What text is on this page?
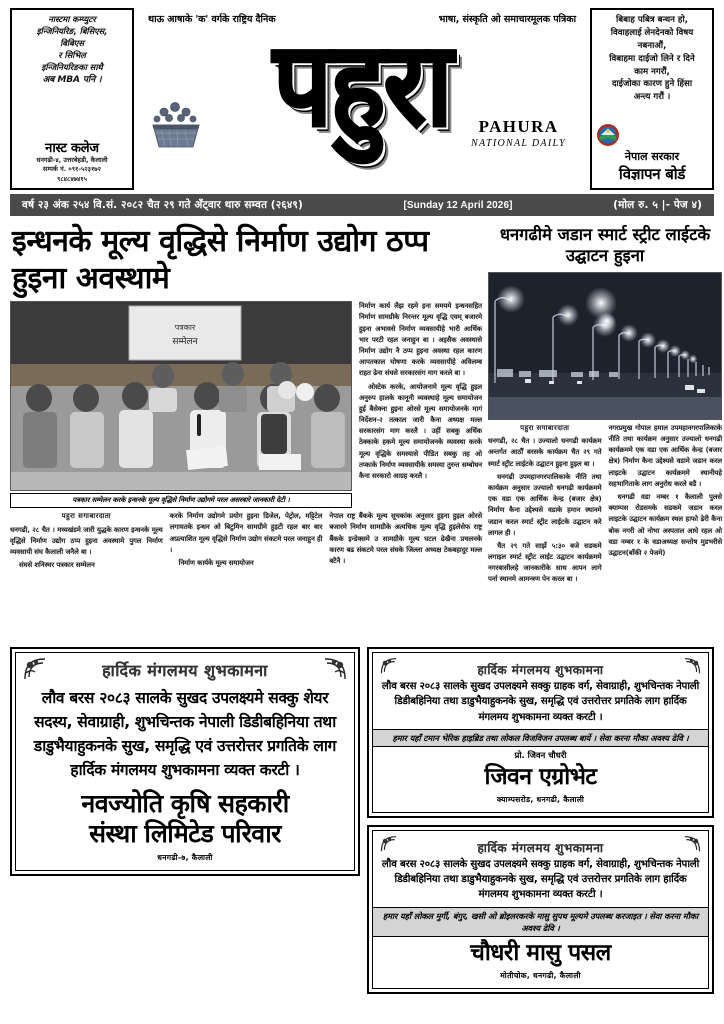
नास्टमा कम्प्युटर
इन्जिनियरिङ, बिसिएस,
बिबिएस
र सिभिल
इन्जिनियरिङका साथै
अब MBA पनि ।
नास्ट कलेज
धनगढी-४, उत्तरबेहडी, कैलाली
सम्पर्क नं. ०९१-५२३१७२
९८४८४७४१५
थाऊ आषाके 'क' वर्गके राष्ट्रिय दैनिक	भाषा, संस्कृति ओ समाचारमूलक पत्रिका
पहुरा	PAHURA
NATIONAL DAILY
बिबाह पबित्र बन्धन हो,
विवाहलाई लेनदेनको विषय
नबनाऔं,
विबाहमा दाईजो लिने र दिने
काम नगरौं,
दाईजोका कारण हुने हिंसा
अन्त्य गरौं ।
नेपाल सरकार
विज्ञापन बोर्ड
वर्ष २३ अंक २५४ वि.सं. २०८२ चैत २९ गते अँट्वार थारु सम्वत (२६४९)	[Sunday 12 April 2026]	(मोल रु. ५ |- पेज ४)
इन्धनके मूल्य वृद्धिसे निर्माण उद्योग ठप्प हुइना अवस्थामे
पत्रकार
सम्मेलन
पत्रकार सम्मेलन करके इन्धनके मूल्य वृद्धिसे निर्माण उद्योगमे परल असरबारे जानकारी देटी ।

निर्माण कार्य लैझ रहमे इना समयमे इन्धनसहित निर्माण सामग्रीके निरन्तर मूल्य वृद्धि एवम् बजारमे हुइना अभावसे निर्माण व्यवसायीहे भारी आर्थिक भार परटी रहल जनाहुन बा । अइसैक अवस्थासे निर्माण उद्योग नै ठप्प हुइना अवस्था रहल कारण आपतकाल घोषणा करके व्यवसायीहे अविलम्ब राहत ढेना संघसे सरकारसंग माग करले बा ।

ओस्टेक करके, आयोजनामे मूल्य वृद्धि हुइल अनुरुप हालके कानूनी व्यवस्थाहे मूल्य समायोजन हुई बैसेक्ना हुइना ओरसे मूल्य समायोजनके मागं निर्देशन-२ तत्काल जारी कैना अध्यक्ष मल्ल सरकारसंग माग करलै । उहीं सबकु अर्थिक ठेक्काके हकमे मूल्य समायोजनके व्यवस्था करके मूल्य वृद्धिके समस्यासे पीडित सबकु तह ओ तप्काके निर्माण व्यवसायीके समस्या तुरन्त सम्बोधन कैना सरकारो आग्रह करलै ।

पहुरा सगाबारदाता

धनगढी, २८ चैत । मध्यखंडमे जारी युद्धके कारण इन्धनके मूल्य वृद्धिसे निर्माण उद्योग ठप्प हुइना अवस्थामे पुगल निर्माण व्यवसायी संघ कैलाली जनैले बा ।

संघसे शनिस्चर पत्रकार सम्मेलन

करके निर्माण उद्योगमे प्रयोग हुइना डिजेल, पेट्रोल, मट्टिटेल लगायतके इन्धन ओ बिटुमिन सामग्रीमे हुइटी रहल बार बार अप्रत्याशित मूल्य वृद्धिसे निर्माण उद्योग संकटमे परल जनाहुन ही ।

निर्माण कार्यके मूल्य समायोजन

नेपाल राष्ट्र बैंकके मूल्य सूचकांक अनुसार हुइना हुइल ओरसे बजारमे निर्माण सामग्रीके अत्यधिक मूल्य वृद्धि हुइलेसेफ राष्ट्र बैंकके इन्डेक्समे उ सामग्रीके मूल्य घटल ढेखैना प्रचलनके कारण बढ संकटमे परल संघके जिल्ला अध्यक्ष टेकबहादुर मल्ल बटैनै ।

धनगढीमे जडान स्मार्ट स्ट्रीट लाईटके उद्घाटन हुइना
पहुरा सगाबारदाता

धनगढी, २८ चैत । उज्यालो धनगढी कार्यक्रम अन्तर्गत आर्ठौं बरसके कार्यक्रम चैत २९ गते स्मार्ट स्ट्रीट लाईटके उद्घाटन हुइना हुइल बा ।

धनगढी उपमहानगरपालिकाके नीति तथा कार्यक्रम अनुसार उज्यालो धनगढी कार्यक्रममे एक वडा एक आर्थिक केन्द्र (बजार क्षेत्र) निर्माण कैना उद्देश्यसे वडाके हमान स्थानमे जडान करल स्मार्ट स्ट्रीट लाईटके उद्घाटन करे लागल ही ।

चैत २९ गते सार्झे ५:३० बजे सडकमे लगाइल स्मार्ट स्ट्रीट लाईट उद्घाटन कार्यक्रममे नगरबासीलहे जानकारीके साथ आपन लागे पर्ना स्थानमे आमन्त्रण पेन करल बा ।

नगरप्रमुख गोपाल हमाल उपमहानगरपालिकाके नीति तथा कार्यक्रम अनुसार उज्यालो धनगढी कार्यक्रममे एक वडा एक आर्थिक केन्द्र (बजार क्षेत्र) निर्माण कैना उद्देश्यसे वडामे जडान करल लाइटके उद्घाटन कार्यक्रममे स्थानीयहे सहभागिताके लाग अनुरोध करले बडै ।

धनगढी वडा नम्बर १ कैलाली पुलसे क्याम्पस रोडसमके सडकमे जडान करल लाइटके उद्घाटन कार्यक्रम स्थल हाफो ढेरी कैना बोक नगरी ओ नोभा अस्पताल आघे रहल ओ वडा नम्बर १ के वडाअध्यक्ष सन्तोष मुडभरीसे उद्घाटन(बाँकी २ पेजमे)

हार्दिक मंगलमय शुभकामना
लौव बरस २०८३ सालके सुखद उपलक्ष्यमे सक्कु शेयर सदस्य, सेवाग्राही, शुभचिन्तक नेपाली डिडीबहिनिया तथा डाडुभैयाहुकनके सुख, समृद्धि एवं उत्तरोत्तर प्रगतिके लाग हार्दिक मंगलमय शुभकामना व्यक्त करटी ।
नवज्योति कृषि सहकारी
संस्था लिमिटेड परिवार
धनगढी-७, कैलाली
हार्दिक मंगलमय शुभकामना
लौव बरस २०८३ सालके सुखद उपलक्ष्यमे सक्कु ग्राहक वर्ग, सेवाग्राही, शुभचिन्तक नेपाली डिडीबहिनिया तथा डाडुभैयाहुकनके सुख, समृद्धि एवं उत्तरोत्तर प्रगतिके लाग हार्दिक मंगलमय शुभकामना व्यक्त करटी ।
हमार यहाँ टमान भेरिक हाइब्रिड तथा लोकल विजविजन उपलब्ध बार्ये । सेवा करना मौका अवश्य ढेवि ।
प्रो. जिवन चौधरी
जिवन एग्रोभेट
क्याम्पसरोड, धनगढी, कैलाली
हार्दिक मंगलमय शुभकामना
लौव बरस २०८३ सालके सुखद उपलक्ष्यमे सक्कु ग्राहक वर्ग, सेवाग्राही, शुभचिन्तक नेपाली डिडीबहिनिया तथा डाडुभैयाहुकनके सुख, समृद्धि एवं उत्तरोत्तर प्रगतिके लाग हार्दिक मंगलमय शुभकामना व्यक्त करटी ।
हमार यहाँ लोकल मुर्गी, बंगुर, खसी ओ ब्रोइलरकरके मासु सुपथ मूल्यमे उपलब्ध करजाइत । सेवा करना मौका अवश्य ढेवि ।
चौधरी मासु पसल
मोतीचोक, धनगढी, कैलाली
